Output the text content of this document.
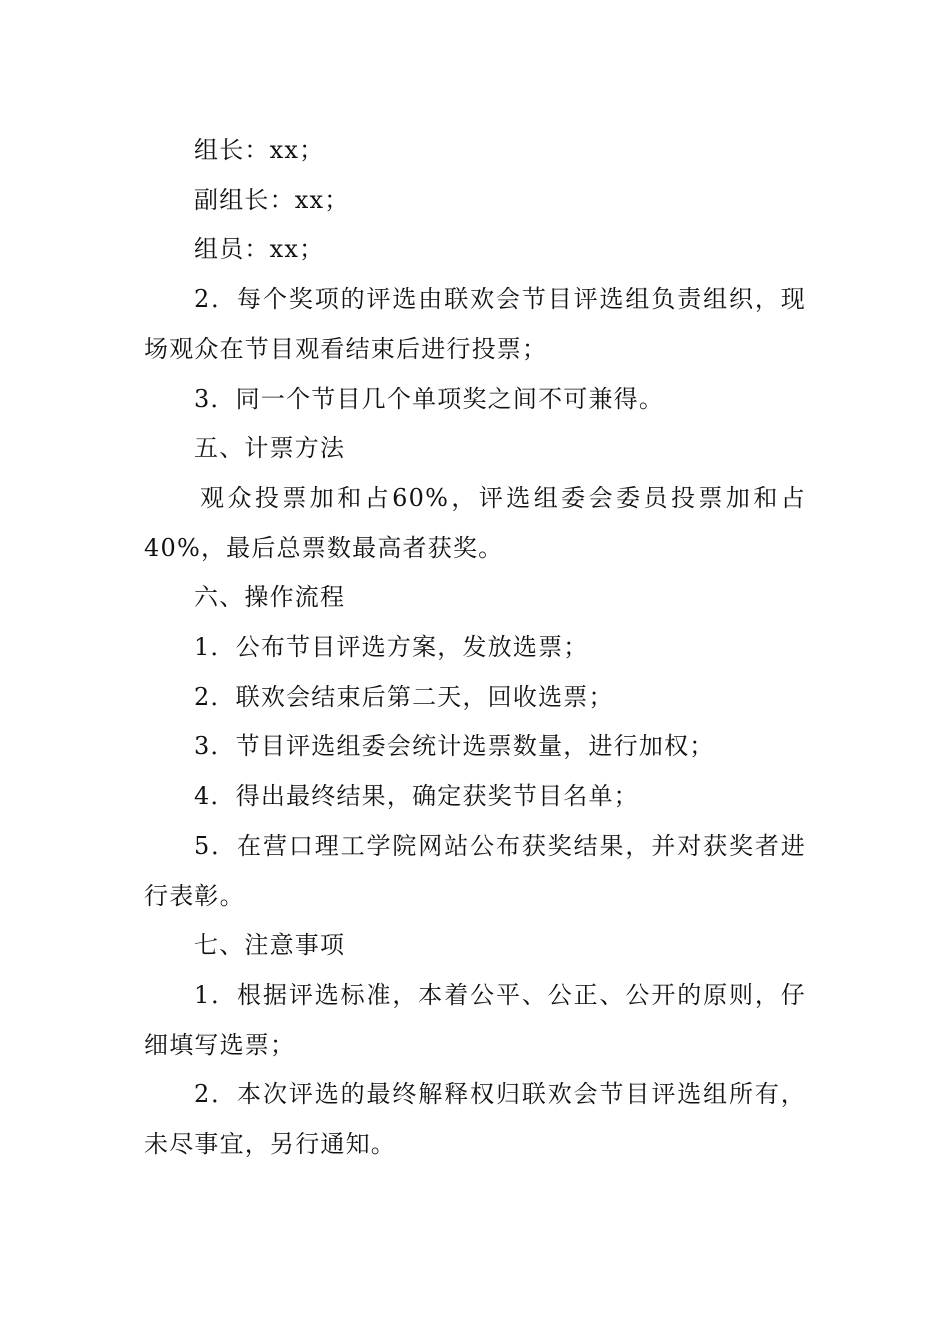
组长：xx；

副组长：xx；

组员：xx；

2．每个奖项的评选由联欢会节目评选组负责组织，现场观众在节目观看结束后进行投票；

3．同一个节目几个单项奖之间不可兼得。

五、计票方法

观众投票加和占60%，评选组委会委员投票加和占40%，最后总票数最高者获奖。

六、操作流程

1．公布节目评选方案，发放选票；

2．联欢会结束后第二天，回收选票；

3．节目评选组委会统计选票数量，进行加权；

4．得出最终结果，确定获奖节目名单；

5．在营口理工学院网站公布获奖结果，并对获奖者进行表彰。

七、注意事项

1．根据评选标准，本着公平、公正、公开的原则，仔细填写选票；

2．本次评选的最终解释权归联欢会节目评选组所有，未尽事宜，另行通知。
